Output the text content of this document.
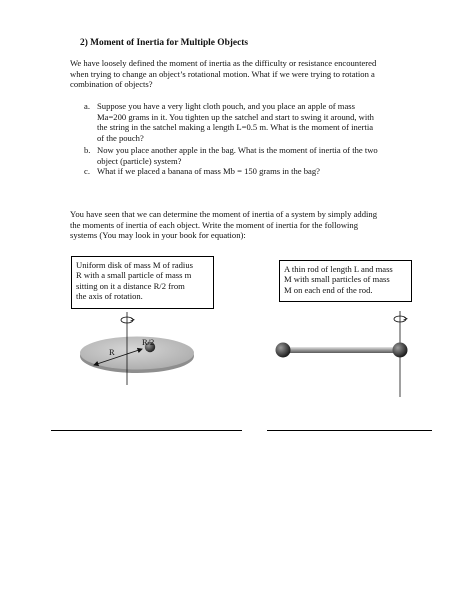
2) Moment of Inertia for Multiple Objects
We have loosely defined the moment of inertia as the difficulty or resistance encountered
when trying to change an object’s rotational motion. What if we were trying to rotation a
combination of objects?
a. Suppose you have a very light cloth pouch, and you place an apple of mass
Ma=200 grams in it. You tighten up the satchel and start to swing it around, with
the string in the satchel making a length L=0.5 m. What is the moment of inertia
of the pouch?
b. Now you place another apple in the bag. What is the moment of inertia of the two
object (particle) system?
c. What if we placed a banana of mass Mb = 150 grams in the bag?
You have seen that we can determine the moment of inertia of a system by simply adding
the moments of inertia of each object. Write the moment of inertia for the following
systems (You may look in your book for equation):
Uniform disk of mass M of radius
R with a small particle of mass m
sitting on it a distance R/2 from
the axis of rotation.
A thin rod of length L and mass
M with small particles of mass
M on each end of the rod.
R
R/2
